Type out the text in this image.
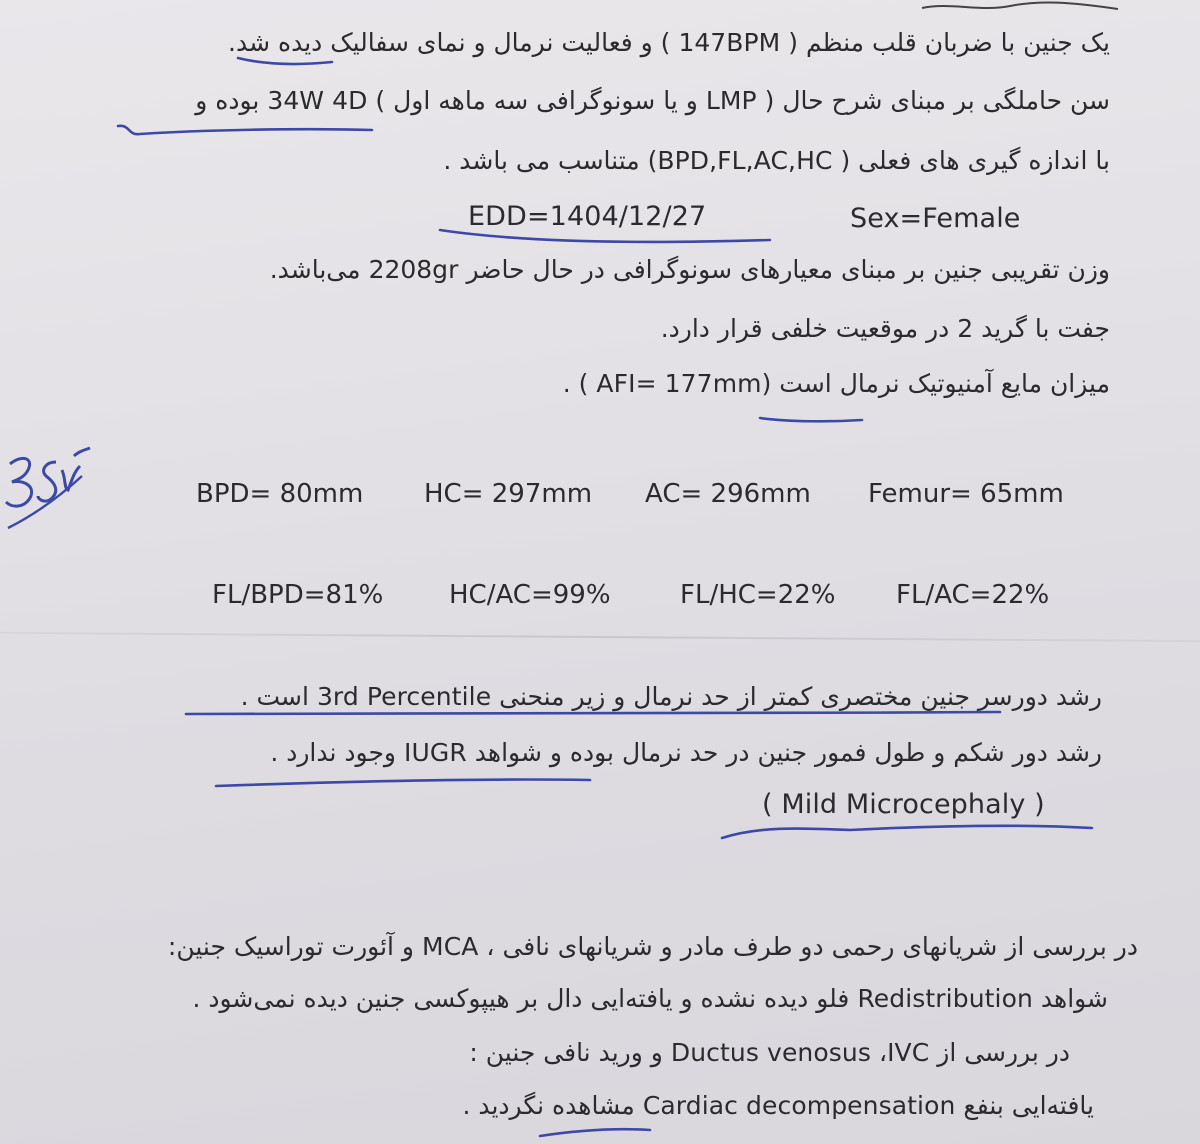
یک جنین با ضربان قلب منظم ( 147BPM ) و فعالیت نرمال و نمای سفالیک دیده شد.
سن حاملگی بر مبنای شرح حال ( LMP و یا سونوگرافی سه ماهه اول ) 34W 4D بوده و
با اندازه گیری های فعلی ( BPD,FL,AC,HC) متناسب می باشد .
EDD=1404/12/27	Sex=Female
وزن تقریبی جنین بر مبنای معیارهای سونوگرافی در حال حاضر 2208gr می‌باشد.
جفت با گرید 2 در موقعیت خلفی قرار دارد.
میزان مایع آمنیوتیک نرمال است (AFI= 177mm ) .
BPD= 80mm HC= 297mm AC= 296mm Femur= 65mm
FL/BPD=81%	HC/AC=99%	FL/HC=22% FL/AC=22%
رشد دورسر جنین مختصری کمتر از حد نرمال و زیر منحنی 3rd Percentile است .
رشد دور شکم و طول فمور جنین در حد نرمال بوده و شواهد IUGR وجود ندارد .
( Mild Microcephaly )
در بررسی از شریانهای رحمی دو طرف مادر و شریانهای نافی ، MCA و آئورت توراسیک جنین:
شواهد Redistribution فلو دیده نشده و یافته‌ایی دال بر هیپوکسی جنین دیده نمی‌شود .
در بررسی از Ductus venosus ،IVC و ورید نافی جنین :
یافته‌ایی بنفع Cardiac decompensation مشاهده نگردید .
